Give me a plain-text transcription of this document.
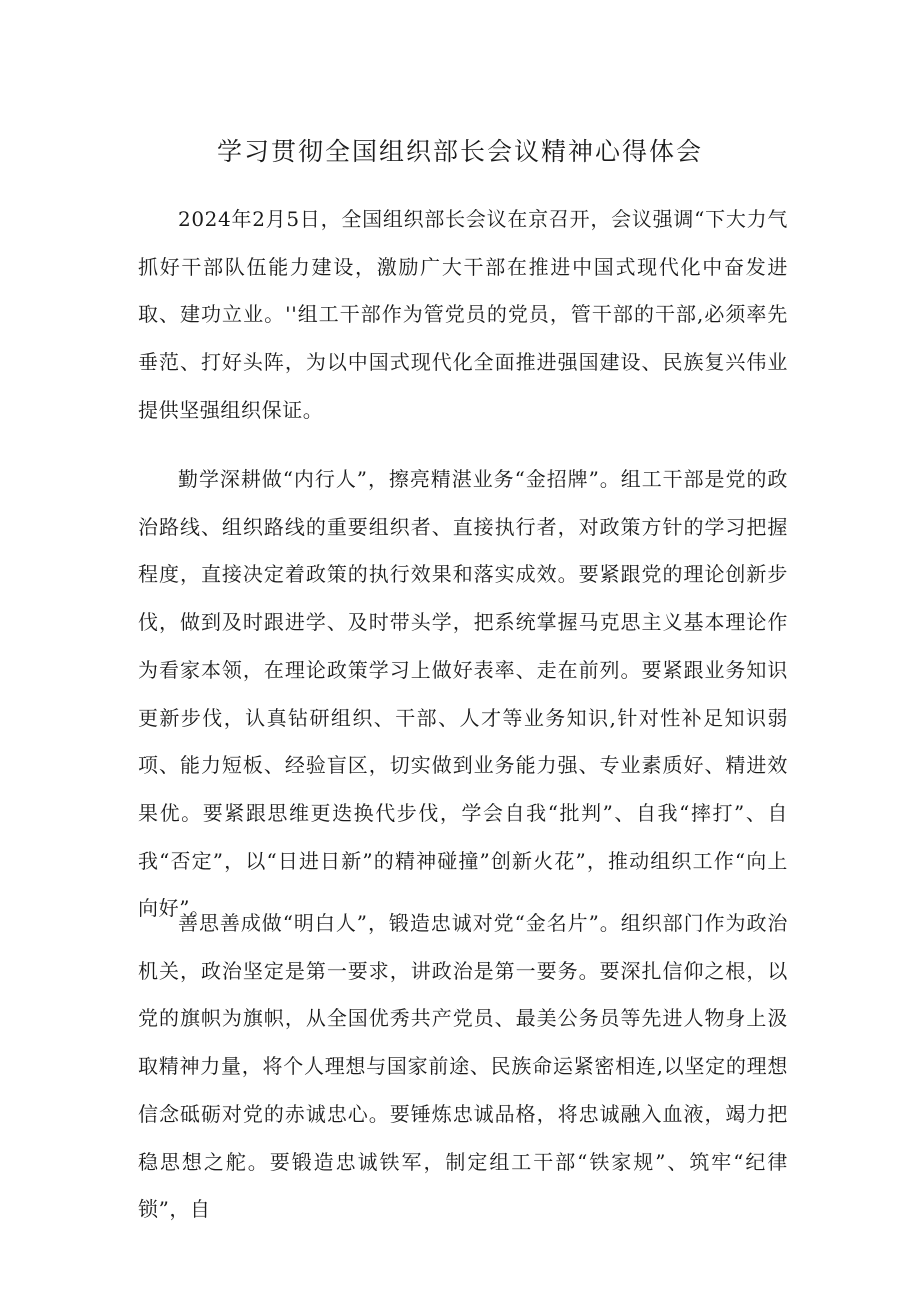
学习贯彻全国组织部长会议精神心得体会

2024年2月5日，全国组织部长会议在京召开，会议强调“下大力气抓好干部队伍能力建设，激励广大干部在推进中国式现代化中奋发进取、建功立业。''组工干部作为管党员的党员，管干部的干部,必须率先垂范、打好头阵，为以中国式现代化全面推进强国建设、民族复兴伟业提供坚强组织保证。

勤学深耕做“内行人”，擦亮精湛业务“金招牌”。组工干部是党的政治路线、组织路线的重要组织者、直接执行者，对政策方针的学习把握程度，直接决定着政策的执行效果和落实成效。要紧跟党的理论创新步伐，做到及时跟进学、及时带头学，把系统掌握马克思主义基本理论作为看家本领，在理论政策学习上做好表率、走在前列。要紧跟业务知识更新步伐，认真钻研组织、干部、人才等业务知识,针对性补足知识弱项、能力短板、经验盲区，切实做到业务能力强、专业素质好、精进效果优。要紧跟思维更迭换代步伐，学会自我“批判”、自我“摔打”、自我“否定”，以“日进日新”的精神碰撞”创新火花”，推动组织工作“向上向好”。

善思善成做“明白人”，锻造忠诚对党“金名片”。组织部门作为政治机关，政治坚定是第一要求，讲政治是第一要务。要深扎信仰之根，以党的旗帜为旗帜，从全国优秀共产党员、最美公务员等先进人物身上汲取精神力量，将个人理想与国家前途、民族命运紧密相连,以坚定的理想信念砥砺对党的赤诚忠心。要锤炼忠诚品格，将忠诚融入血液，竭力把稳思想之舵。要锻造忠诚铁军，制定组工干部“铁家规”、筑牢“纪律锁”，自
